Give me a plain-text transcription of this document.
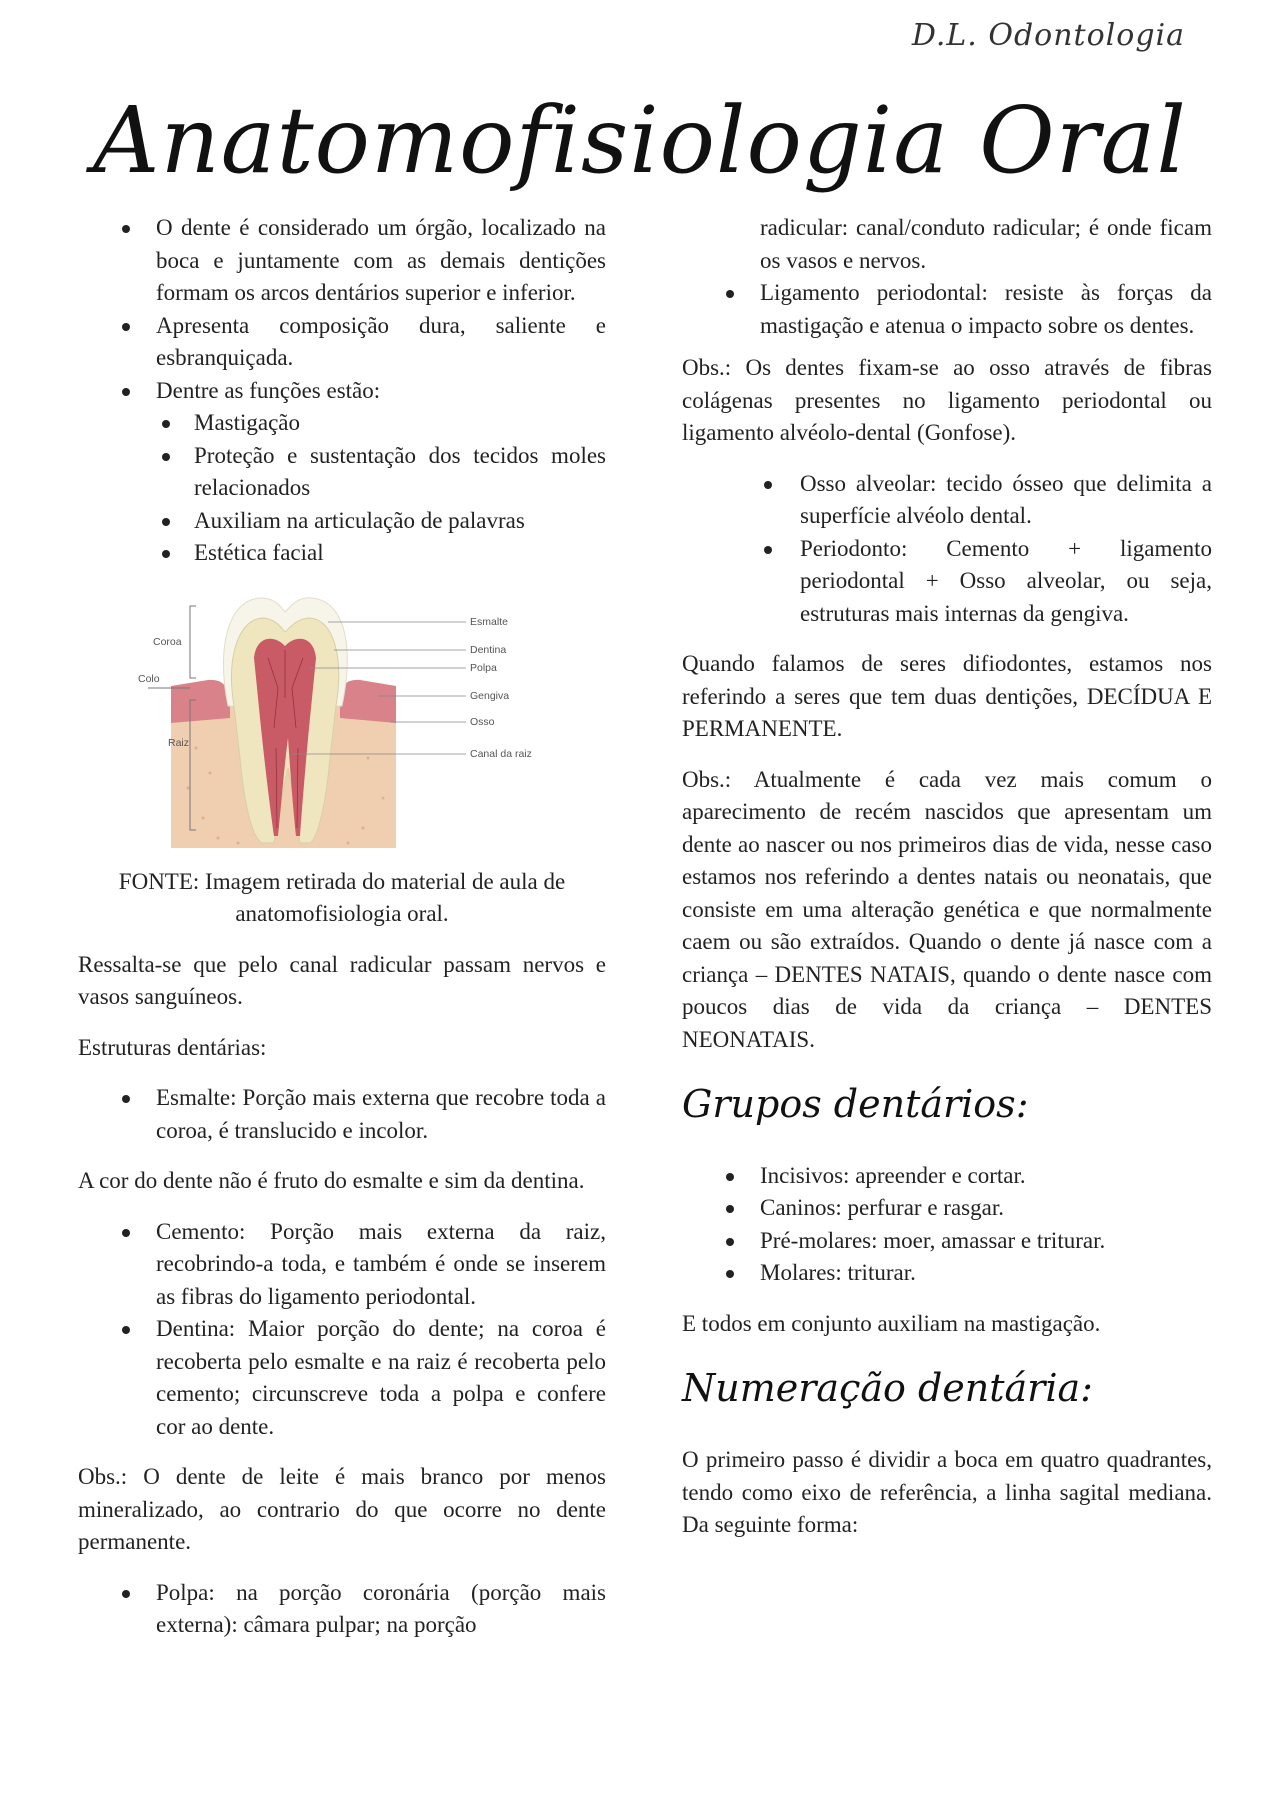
D.L. Odontologia
Anatomofisiologia Oral
O dente é considerado um órgão, localizado na boca e juntamente com as demais dentições formam os arcos dentários superior e inferior.
Apresenta composição dura, saliente e esbranquiçada.
Dentre as funções estão:
Mastigação
Proteção e sustentação dos tecidos moles relacionados
Auxiliam na articulação de palavras
Estética facial
Coroa
Colo
Raiz
Esmalte
Dentina
Polpa
Gengiva
Osso
Canal da raiz

FONTE: Imagem retirada do material de aula de anatomofisiologia oral.

Ressalta-se que pelo canal radicular passam nervos e vasos sanguíneos.

Estruturas dentárias:

Esmalte: Porção mais externa que recobre toda a coroa, é translucido e incolor.

A cor do dente não é fruto do esmalte e sim da dentina.

Cemento: Porção mais externa da raiz, recobrindo-a toda, e também é onde se inserem as fibras do ligamento periodontal.
Dentina: Maior porção do dente; na coroa é recoberta pelo esmalte e na raiz é recoberta pelo cemento; circunscreve toda a polpa e confere cor ao dente.

Obs.: O dente de leite é mais branco por menos mineralizado, ao contrario do que ocorre no dente permanente.

Polpa: na porção coronária (porção mais externa): câmara pulpar; na porção
radicular: canal/conduto radicular; é onde ficam os vasos e nervos.
Ligamento periodontal: resiste às forças da mastigação e atenua o impacto sobre os dentes.

Obs.: Os dentes fixam-se ao osso através de fibras colágenas presentes no ligamento periodontal ou ligamento alvéolo-dental (Gonfose).

Osso alveolar: tecido ósseo que delimita a superfície alvéolo dental.
Periodonto: Cemento + ligamento periodontal + Osso alveolar, ou seja, estruturas mais internas da gengiva.

Quando falamos de seres difiodontes, estamos nos referindo a seres que tem duas dentições, DECÍDUA E PERMANENTE.

Obs.: Atualmente é cada vez mais comum o aparecimento de recém nascidos que apresentam um dente ao nascer ou nos primeiros dias de vida, nesse caso estamos nos referindo a dentes natais ou neonatais, que consiste em uma alteração genética e que normalmente caem ou são extraídos. Quando o dente já nasce com a criança – DENTES NATAIS, quando o dente nasce com poucos dias de vida da criança – DENTES NEONATAIS.

Grupos dentários:
Incisivos: apreender e cortar.
Caninos: perfurar e rasgar.
Pré-molares: moer, amassar e triturar.
Molares: triturar.

E todos em conjunto auxiliam na mastigação.

Numeração dentária:

O primeiro passo é dividir a boca em quatro quadrantes, tendo como eixo de referência, a linha sagital mediana. Da seguinte forma:
